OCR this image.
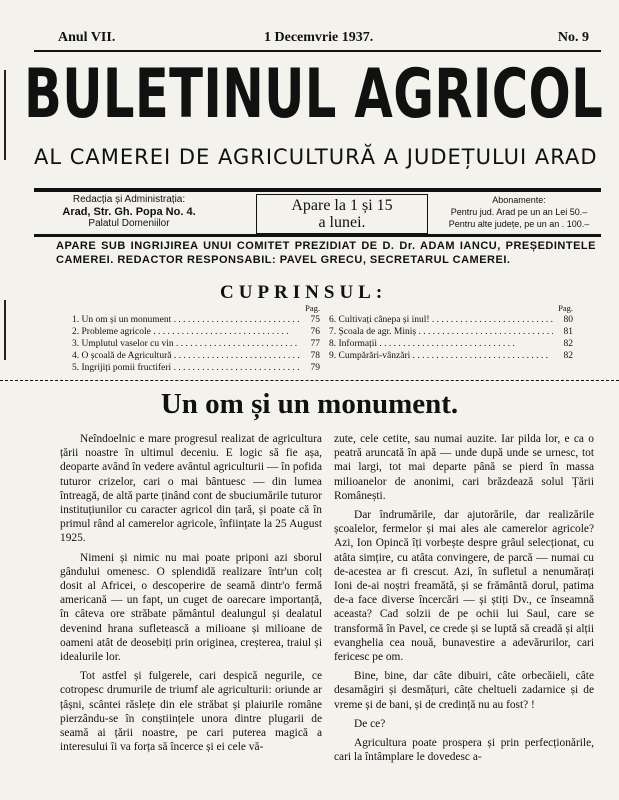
Anul VII.	1 Decemvrie 1937.	No. 9
BULETINUL AGRICOL
AL CAMEREI DE AGRICULTURĂ A JUDEȚULUI ARAD
Redacția și Administrația:
Arad, Str. Gh. Popa No. 4.
Palatul Domeniilor
Apare la 1 și 15
a lunei.
Abonamente:
Pentru jud. Arad pe un an Lei 50.–
Pentru alte județe, pe un an . 100.–
APARE SUB INGRIJIREA UNUI COMITET PREZIDIAT DE D. Dr. ADAM IANCU, PREȘEDINTELE CAMEREI. REDACTOR RESPONSABIL: PAVEL GRECU, SECRETARUL CAMEREI.
CUPRINSUL:
Pag.
1. Un om și un monument . . .	75
2. Probleme agricole . . .	76
3. Umplutul vaselor cu vin . . .	77
4. O școală de Agricultură . . .	78
5. Ingrijiți pomii fructiferi . . .	79
Pag.
6. Cultivați cânepa și inul! . . .	80
7. Școala de agr. Miniș . . .	81
8. Informații . . .	82
9. Cumpărări-vânzări . . .	82
Un om și un monument.

Neîndoelnic e mare progresul realizat de agricultura țării noastre în ultimul deceniu. E logic să fie așa, deoparte având în vedere avântul agriculturii — în pofida tuturor crizelor, cari o mai bântuesc — din lumea întreagă, de altă parte ținând cont de sbuciumările tuturor instituțiunilor cu caracter agricol din țară, și poate că în primul rând al camerelor agricole, înființate la 25 August 1925.

Nimeni și nimic nu mai poate priponi azi sborul gândului omenesc. O splendidă realizare într'un colț dosit al Africei, o descoperire de seamă dintr'o fermă americană — un fapt, un cuget de oarecare importanță, în câteva ore străbate pământul dealungul și dealatul devenind hrana sufletească a milioane și milioane de oameni atât de deosebiți prin originea, creșterea, traiul și idealurile lor.

Tot astfel și fulgerele, cari despică negurile, ce cotropesc drumurile de triumf ale agriculturii: oriunde ar țâșni, scântei răslețe din ele străbat și plaiurile române pierzându-se în conștiințele unora dintre plugarii de seamă ai țării noastre, pe cari puterea magică a interesului îi va forța să încerce și ei cele vă-

zute, cele cetite, sau numai auzite. Iar pilda lor, e ca o peatră aruncată în apă — unde după unde se urnesc, tot mai largi, tot mai departe până se pierd în massa milioanelor de anonimi, cari brăzdează solul Țării Românești.

Dar îndrumările, dar ajutorările, dar realizările școalelor, fermelor și mai ales ale camerelor agricole? Azi, Ion Opincă îți vorbește despre grâul selecționat, cu atâta simțire, cu atâta convingere, de parcă — numai cu de-acestea ar fi crescut. Azi, în sufletul a nenumărați Ioni de-ai noștri freamătă, și se frământă dorul, patima de-a face diverse încercări — și știți Dv., ce înseamnă aceasta? Cad solzii de pe ochii lui Saul, care se transformă în Pavel, ce crede și se luptă să creadă și alții evanghelia cea nouă, bunavestire a adevărurilor, cari fericesc pe om.

Bine, bine, dar câte dibuiri, câte orbecăieli, câte desamăgiri și desmățuri, câte cheltueli zadarnice și de vreme și de bani, și de credință nu au fost? !

De ce?

Agricultura poate prospera și prin perfecționările, cari la întâmplare le dovedesc a-
